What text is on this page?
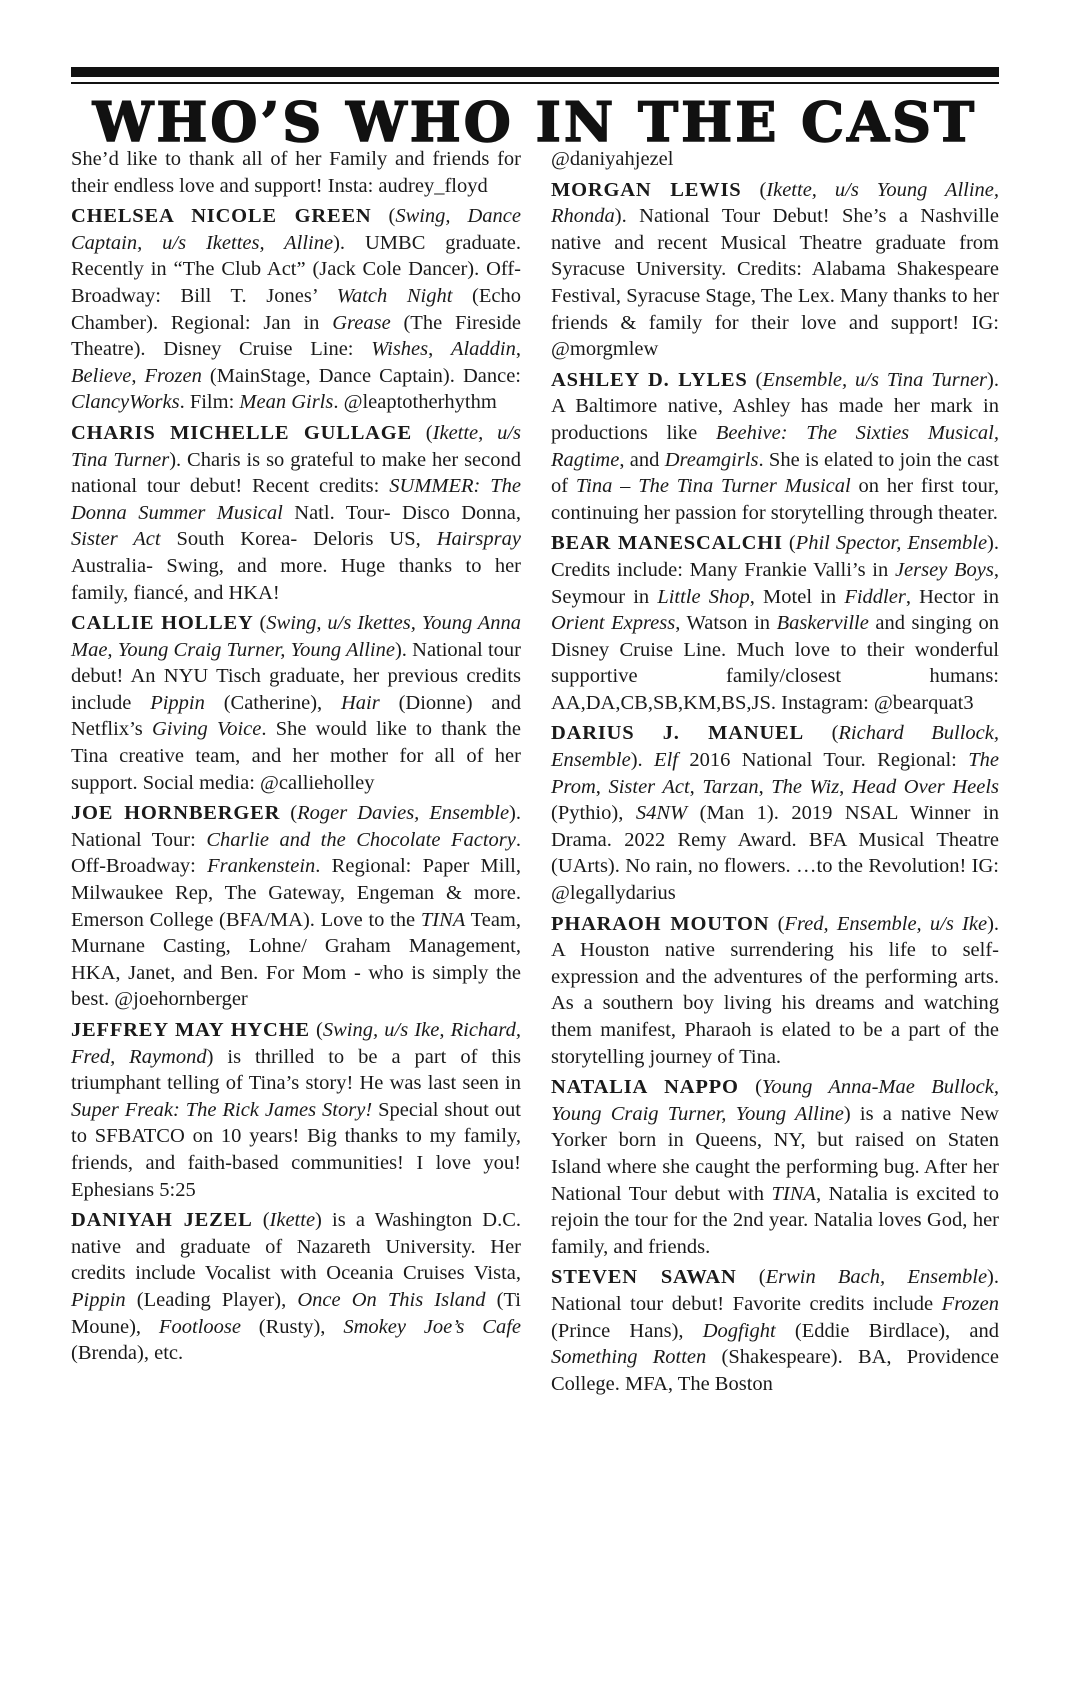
WHO’S WHO IN THE CAST

She’d like to thank all of her Family and friends for their endless love and support! Insta: audrey_floyd

CHELSEA NICOLE GREEN (Swing, Dance Captain, u/s Ikettes, Alline). UMBC graduate. Recently in “The Club Act” (Jack Cole Dancer). Off-Broadway: Bill T. Jones’ Watch Night (Echo Chamber). Regional: Jan in Grease (The Fireside Theatre). Disney Cruise Line: Wishes, Aladdin, Believe, Frozen (MainStage, Dance Captain). Dance: ClancyWorks. Film: Mean Girls. @leaptotherhythm

CHARIS MICHELLE GULLAGE (Ikette, u/s Tina Turner). Charis is so grateful to make her second national tour debut! Recent credits: SUMMER: The Donna Summer Musical Natl. Tour- Disco Donna, Sister Act South Korea- Deloris US, Hairspray Australia- Swing, and more. Huge thanks to her family, fiancé, and HKA!

CALLIE HOLLEY (Swing, u/s Ikettes, Young Anna Mae, Young Craig Turner, Young Alline). National tour debut! An NYU Tisch graduate, her previous credits include Pippin (Catherine), Hair (Dionne) and Netflix’s Giving Voice. She would like to thank the Tina creative team, and her mother for all of her support. Social media: @callieholley

JOE HORNBERGER (Roger Davies, Ensemble). National Tour: Charlie and the Chocolate Factory. Off-Broadway: Frankenstein. Regional: Paper Mill, Milwaukee Rep, The Gateway, Engeman & more. Emerson College (BFA/MA). Love to the TINA Team, Murnane Casting, Lohne/ Graham Management, HKA, Janet, and Ben. For Mom - who is simply the best. @joehornberger

JEFFREY MAY HYCHE (Swing, u/s Ike, Richard, Fred, Raymond) is thrilled to be a part of this triumphant telling of Tina’s story! He was last seen in Super Freak: The Rick James Story! Special shout out to SFBATCO on 10 years! Big thanks to my family, friends, and faith-based communities! I love you! Ephesians 5:25

DANIYAH JEZEL (Ikette) is a Washington D.C. native and graduate of Nazareth University. Her credits include Vocalist with Oceania Cruises Vista, Pippin (Leading Player), Once On This Island (Ti Moune), Footloose (Rusty), Smokey Joe’s Cafe (Brenda), etc.

@daniyahjezel

MORGAN LEWIS (Ikette, u/s Young Alline, Rhonda). National Tour Debut! She’s a Nashville native and recent Musical Theatre graduate from Syracuse University. Credits: Alabama Shakespeare Festival, Syracuse Stage, The Lex. Many thanks to her friends & family for their love and support! IG: @morgmlew

ASHLEY D. LYLES (Ensemble, u/s Tina Turner). A Baltimore native, Ashley has made her mark in productions like Beehive: The Sixties Musical, Ragtime, and Dreamgirls. She is elated to join the cast of Tina – The Tina Turner Musical on her first tour, continuing her passion for storytelling through theater.

BEAR MANESCALCHI (Phil Spector, Ensemble). Credits include: Many Frankie Valli’s in Jersey Boys, Seymour in Little Shop, Motel in Fiddler, Hector in Orient Express, Watson in Baskerville and singing on Disney Cruise Line. Much love to their wonderful supportive family/closest humans: AA,DA,CB,SB,KM,BS,JS. Instagram: @bearquat3

DARIUS J. MANUEL (Richard Bullock, Ensemble). Elf 2016 National Tour. Regional: The Prom, Sister Act, Tarzan, The Wiz, Head Over Heels (Pythio), S4NW (Man 1). 2019 NSAL Winner in Drama. 2022 Remy Award. BFA Musical Theatre (UArts). No rain, no flowers. …to the Revolution! IG: @legallydarius

PHARAOH MOUTON (Fred, Ensemble, u/s Ike). A Houston native surrendering his life to self-expression and the adventures of the performing arts. As a southern boy living his dreams and watching them manifest, Pharaoh is elated to be a part of the storytelling journey of Tina.

NATALIA NAPPO (Young Anna-Mae Bullock, Young Craig Turner, Young Alline) is a native New Yorker born in Queens, NY, but raised on Staten Island where she caught the performing bug. After her National Tour debut with TINA, Natalia is excited to rejoin the tour for the 2nd year. Natalia loves God, her family, and friends.

STEVEN SAWAN (Erwin Bach, Ensemble). National tour debut! Favorite credits include Frozen (Prince Hans), Dogfight (Eddie Birdlace), and Something Rotten (Shakespeare). BA, Providence College. MFA, The Boston
